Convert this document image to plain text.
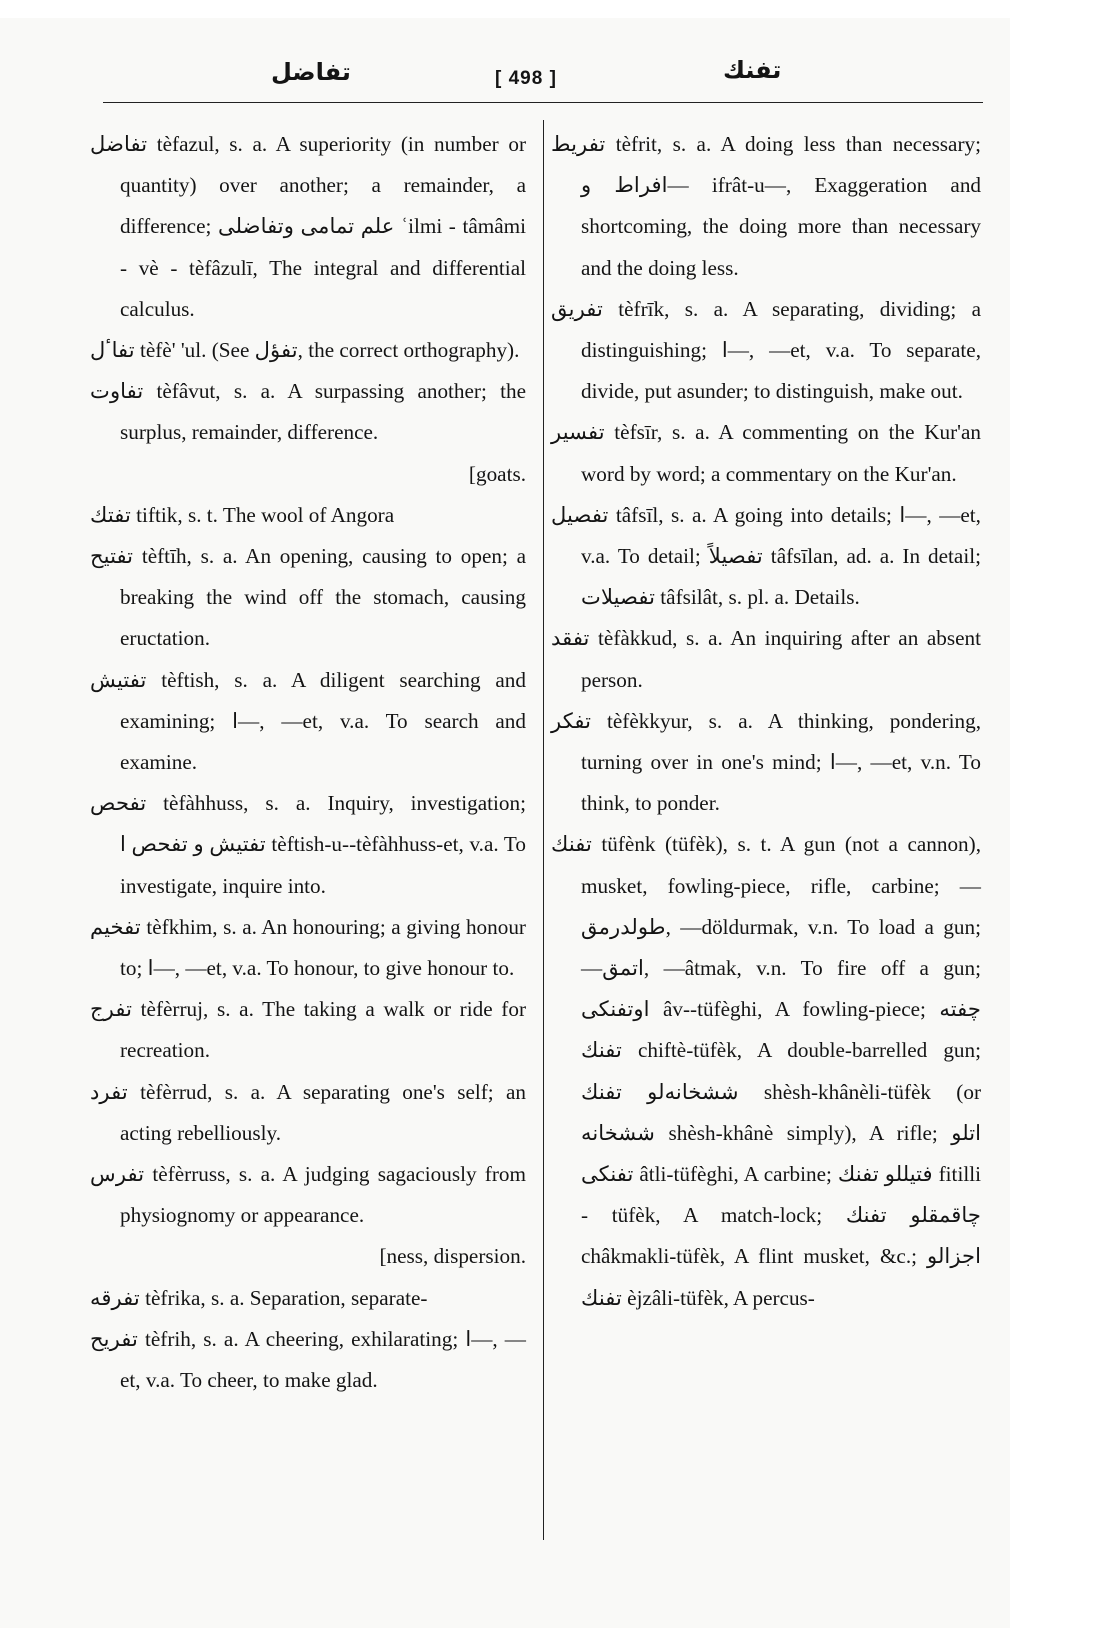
تفاضل	[ 498 ]	تفنك

تفاضل tèfazul, s. a. A superiority (in number or quantity) over another; a remainder, a difference; علم تمامی وتفاضلی ʿilmi - tâmâmi - vè - tèfâzulī, The integral and differential calculus.

تفاٴل tèfè' 'ul. (See تفؤل, the correct orthography).

تفاوت tèfâvut, s. a. A surpassing another; the surplus, remainder, difference.
[goats.

تفتك tiftik, s. t. The wool of Angora

تفتیح tèftīh, s. a. An opening, causing to open; a breaking the wind off the stomach, causing eructation.

تفتیش tèftish, s. a. A diligent searching and examining; ا—, —et, v.a. To search and examine.

تفحص tèfàhhuss, s. a. Inquiry, investigation; تفتیش و تفحص ا tèftish-u--tèfàhhuss-et, v.a. To investigate, inquire into.

تفخیم tèfkhim, s. a. An honouring; a giving honour to; ا—, —et, v.a. To honour, to give honour to.

تفرج tèfèrruj, s. a. The taking a walk or ride for recreation.

تفرد tèfèrrud, s. a. A separating one's self; an acting rebelliously.

تفرس tèfèrruss, s. a. A judging sagaciously from physiognomy or appearance.
[ness, dispersion.

تفرقه tèfrika, s. a. Separation, separate-

تفریح tèfrih, s. a. A cheering, exhilarating; ا—, —et, v.a. To cheer, to make glad.

تفریط tèfrit, s. a. A doing less than necessary; افراط و— ifrât-u—, Exaggeration and shortcoming, the doing more than necessary and the doing less.

تفریق tèfrīk, s. a. A separating, dividing; a distinguishing; ا—, —et, v.a. To separate, divide, put asunder; to distinguish, make out.

تفسیر tèfsīr, s. a. A commenting on the Kur'an word by word; a commentary on the Kur'an.

تفصیل tâfsīl, s. a. A going into details; ا—, —et, v.a. To detail; تفصیلاً tâfsīlan, ad. a. In detail; تفصیلات tâfsilât, s. pl. a. Details.

تفقد tèfàkkud, s. a. An inquiring after an absent person.

تفکر tèfèkkyur, s. a. A thinking, pondering, turning over in one's mind; ا—, —et, v.n. To think, to ponder.

تفنك tüfènk (tüfèk), s. t. A gun (not a cannon), musket, fowling-piece, rifle, carbine; —طولدرمق, —döldurmak, v.n. To load a gun; —اتمق, —âtmak, v.n. To fire off a gun; اوتفنکی âv--tüfèghi, A fowling-piece; چفته تفنك chiftè-tüfèk, A double-barrelled gun; ششخانه‌لو تفنك shèsh-khânèli-tüfèk (or ششخانه shèsh-khânè simply), A rifle; اتلو تفنکی âtli-tüfèghi, A carbine; فتیللو تفنك fitilli - tüfèk, A match-lock; چاقمقلو تفنك châkmakli-tüfèk, A flint musket, &c.; اجزالو تفنك èjzâli-tüfèk, A percus-
